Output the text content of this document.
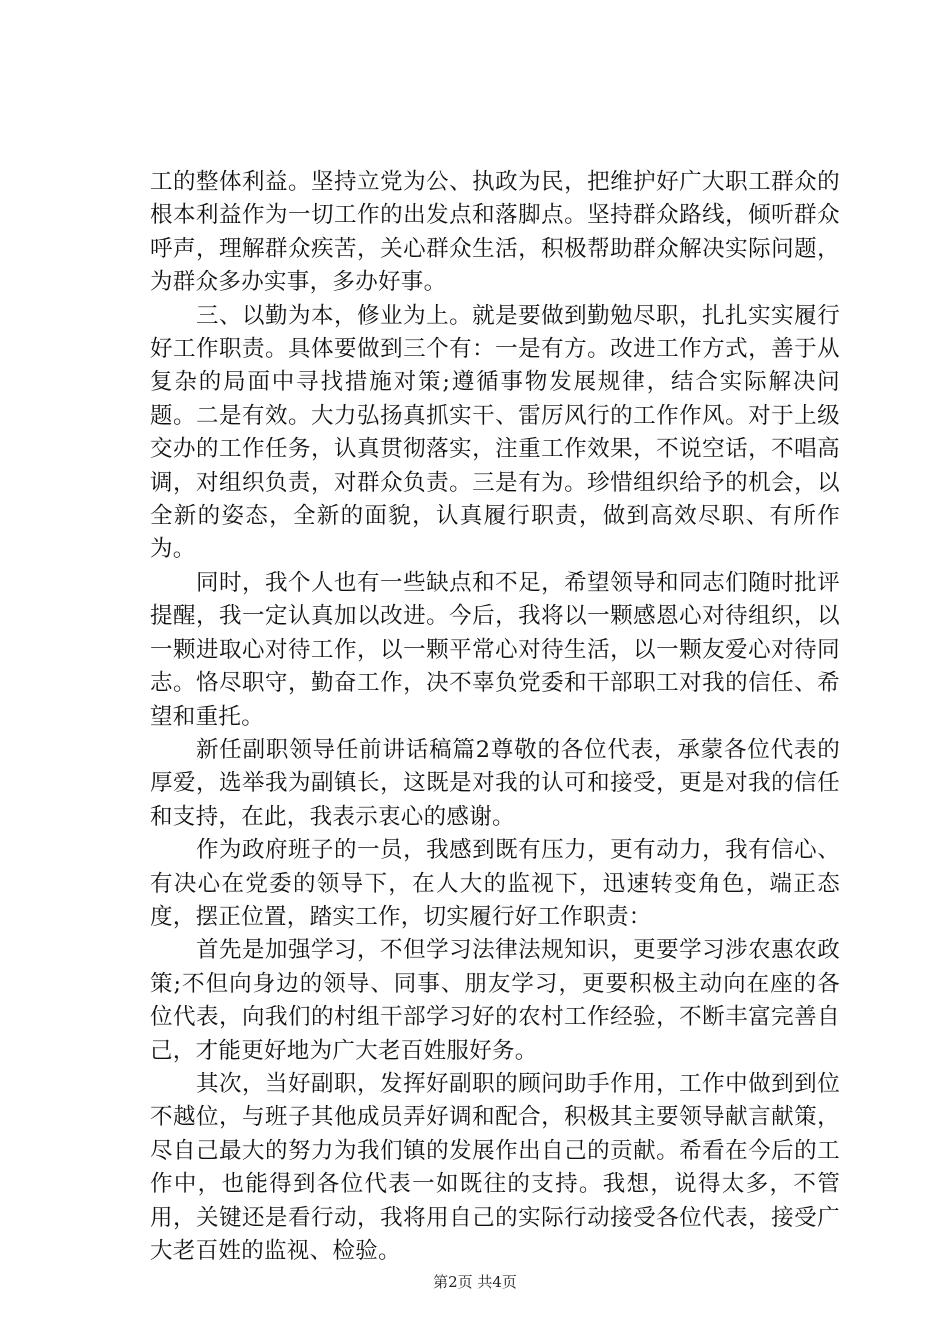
工的整体利益。坚持立党为公、执政为民，把维护好广大职工群众的根本利益作为一切工作的出发点和落脚点。坚持群众路线，倾听群众呼声，理解群众疾苦，关心群众生活，积极帮助群众解决实际问题，为群众多办实事，多办好事。

三、以勤为本，修业为上。就是要做到勤勉尽职，扎扎实实履行好工作职责。具体要做到三个有：一是有方。改进工作方式，善于从复杂的局面中寻找措施对策;遵循事物发展规律，结合实际解决问题。二是有效。大力弘扬真抓实干、雷厉风行的工作作风。对于上级交办的工作任务，认真贯彻落实，注重工作效果，不说空话，不唱高调，对组织负责，对群众负责。三是有为。珍惜组织给予的机会，以全新的姿态，全新的面貌，认真履行职责，做到高效尽职、有所作为。

同时，我个人也有一些缺点和不足，希望领导和同志们随时批评提醒，我一定认真加以改进。今后，我将以一颗感恩心对待组织，以一颗进取心对待工作，以一颗平常心对待生活，以一颗友爱心对待同志。恪尽职守，勤奋工作，决不辜负党委和干部职工对我的信任、希望和重托。

新任副职领导任前讲话稿篇2尊敬的各位代表，承蒙各位代表的厚爱，选举我为副镇长，这既是对我的认可和接受，更是对我的信任和支持，在此，我表示衷心的感谢。

作为政府班子的一员，我感到既有压力，更有动力，我有信心、有决心在党委的领导下，在人大的监视下，迅速转变角色，端正态度，摆正位置，踏实工作，切实履行好工作职责：

首先是加强学习，不但学习法律法规知识，更要学习涉农惠农政策;不但向身边的领导、同事、朋友学习，更要积极主动向在座的各位代表，向我们的村组干部学习好的农村工作经验，不断丰富完善自己，才能更好地为广大老百姓服好务。

其次，当好副职，发挥好副职的顾问助手作用，工作中做到到位不越位，与班子其他成员弄好调和配合，积极其主要领导献言献策，尽自己最大的努力为我们镇的发展作出自己的贡献。希看在今后的工作中，也能得到各位代表一如既往的支持。我想，说得太多，不管用，关键还是看行动，我将用自己的实际行动接受各位代表，接受广大老百姓的监视、检验。

第2页 共4页
